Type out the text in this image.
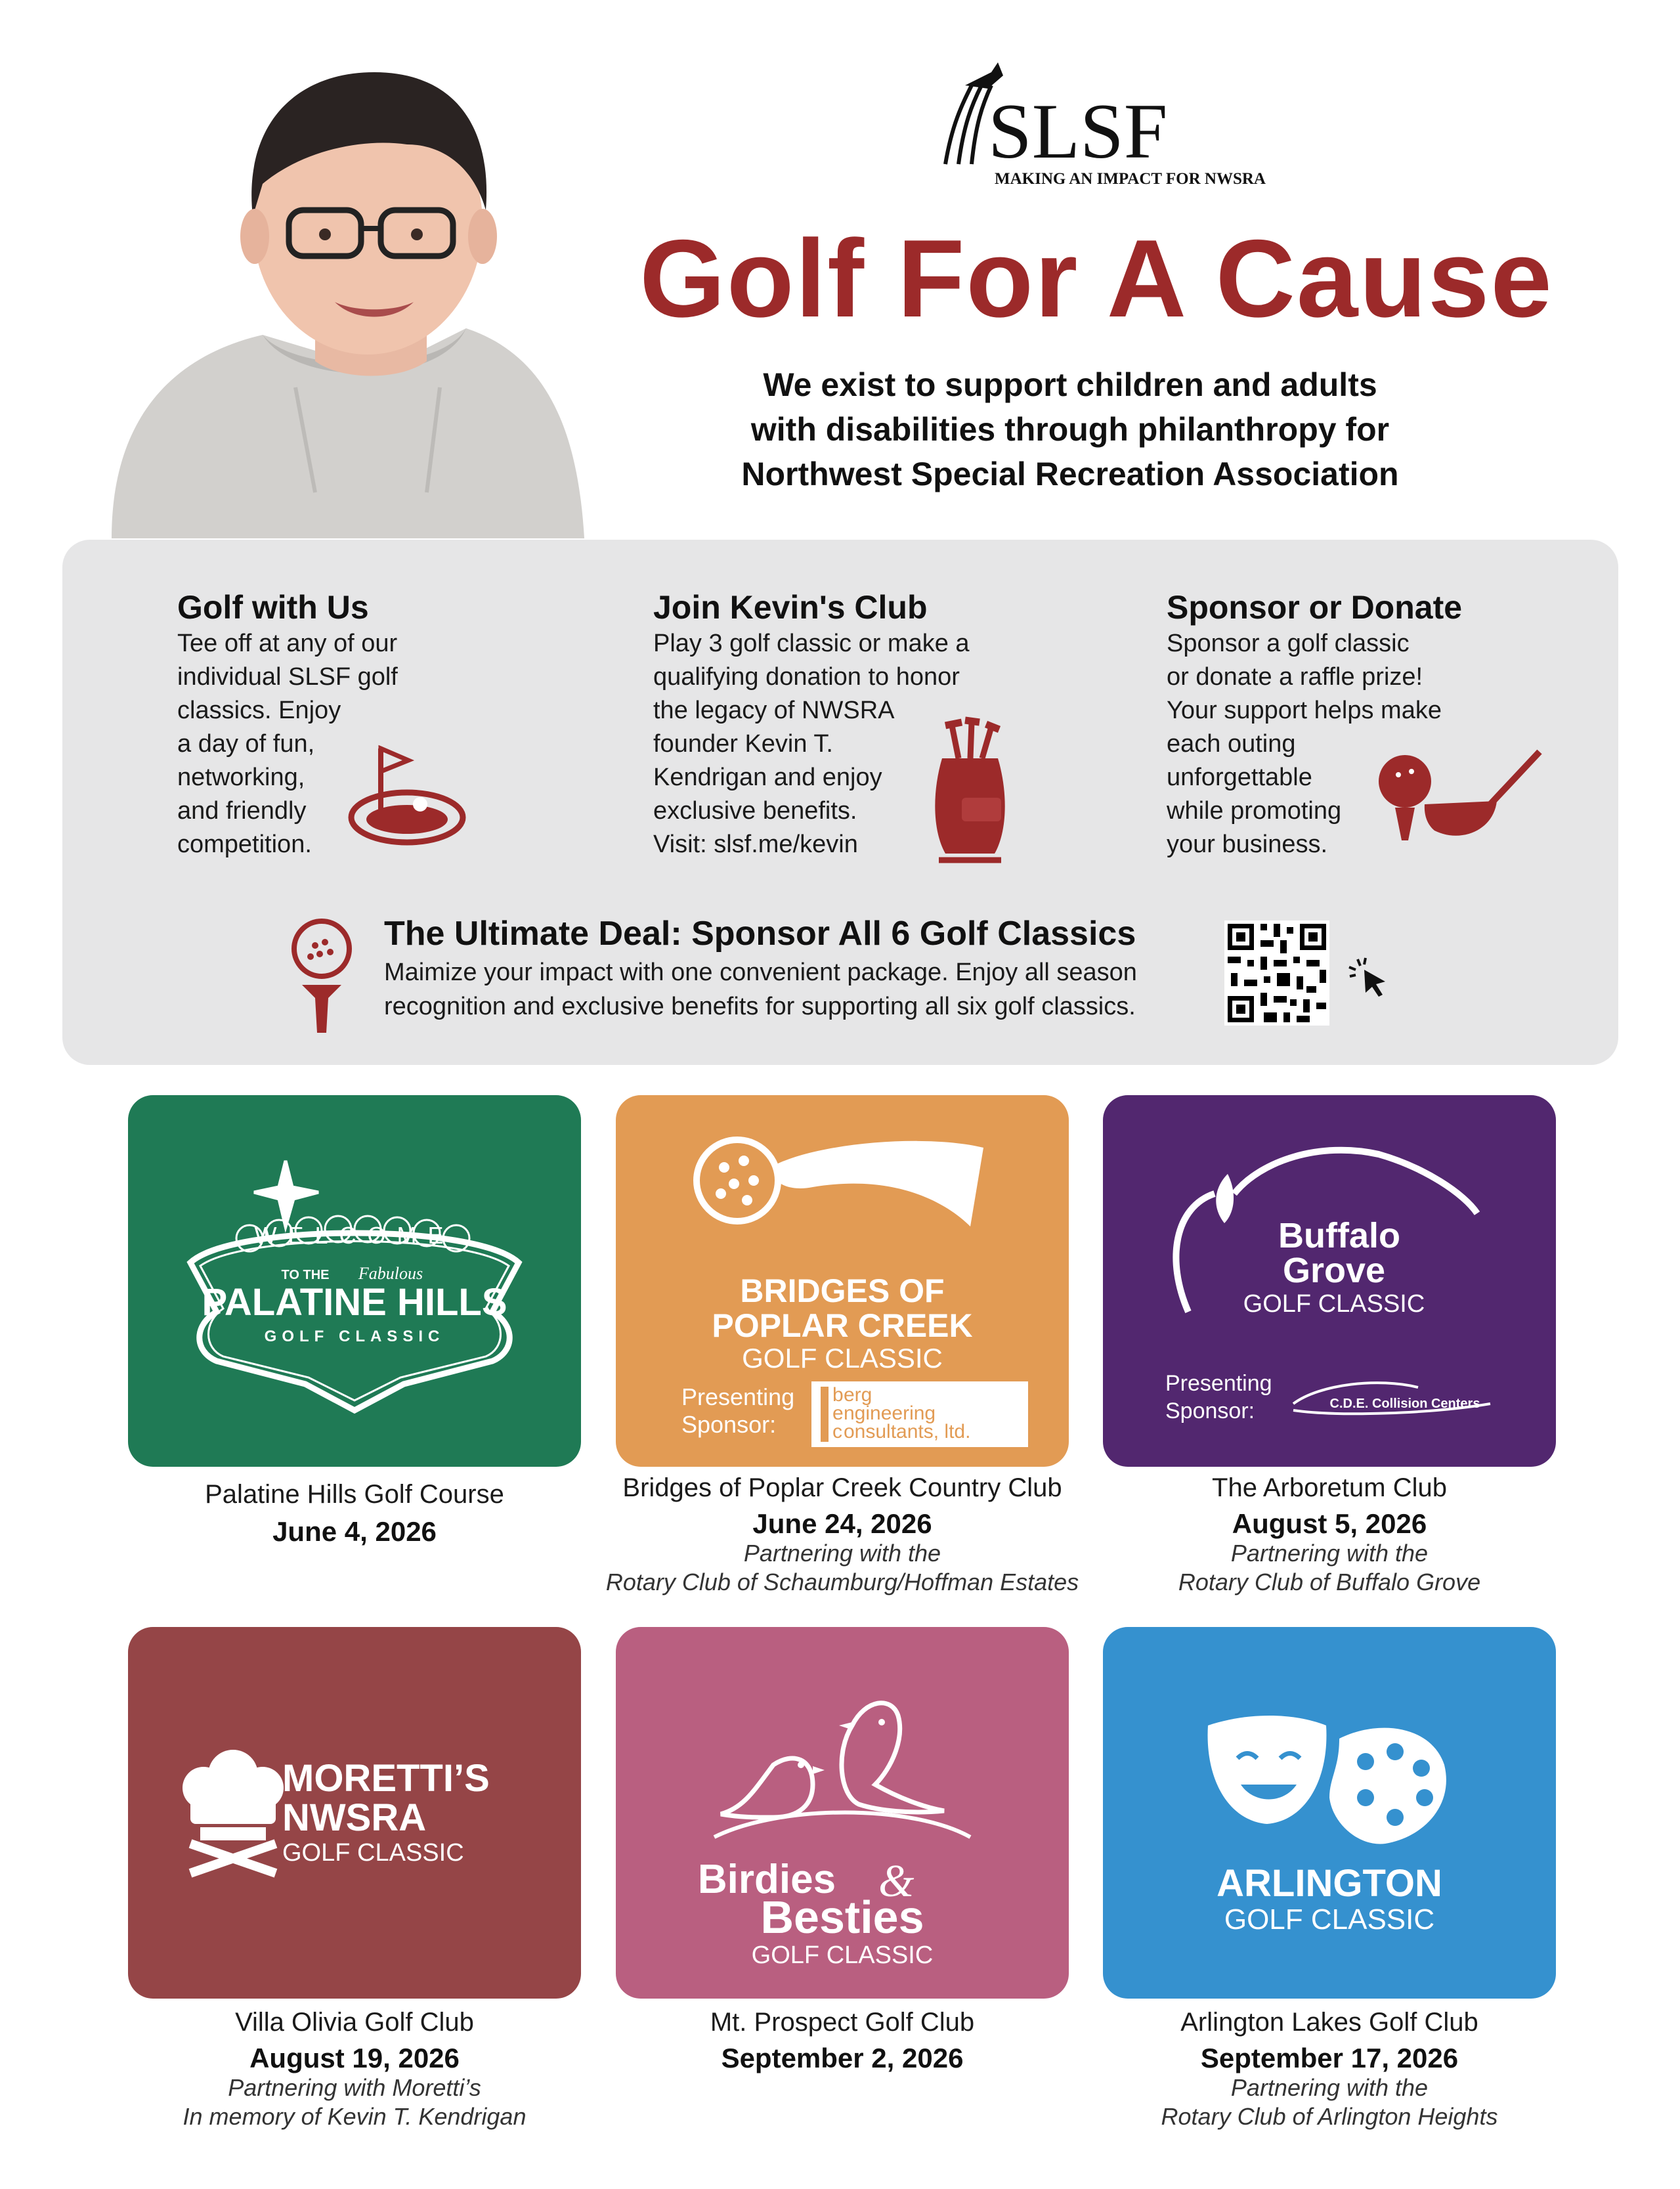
SLSF
MAKING AN IMPACT FOR NWSRA
Golf For A Cause
We exist to support children and adults
with disabilities through philanthropy for
Northwest Special Recreation Association
Golf with Us
Tee off at any of our
individual SLSF golf
classics. Enjoy
a day of fun,
networking,
and friendly
competition.
Join Kevin's Club
Play 3 golf classic or make a
qualifying donation to honor
the legacy of NWSRA
founder Kevin T.
Kendrigan and enjoy
exclusive benefits.
Visit: slsf.me/kevin
Sponsor or Donate
Sponsor a golf classic
or donate a raffle prize!
Your support helps make
each outing
unforgettable
while promoting
your business.
The Ultimate Deal: Sponsor All 6 Golf Classics
Maimize your impact with one convenient package. Enjoy all season
recognition and exclusive benefits for supporting all six golf classics.
WELCOME
TO THE Fabulous
PALATINE HILLS
GOLF CLASSIC
Palatine Hills Golf Course
June 4, 2026
BRIDGES OF
POPLAR CREEK
GOLF CLASSIC
Presenting
Sponsor:
b erg
e ngineering
c onsultants, ltd.
Bridges of Poplar Creek Country Club
June 24, 2026
Partnering with the
Rotary Club of Schaumburg/Hoffman Estates
Buffalo
Grove
GOLF CLASSIC
Presenting
Sponsor:	C.D.E. Collision Centers
The Arboretum Club
August 5, 2026
Partnering with the
Rotary Club of Buffalo Grove
MORETTI’S
NWSRA
GOLF CLASSIC
Villa Olivia Golf Club
August 19, 2026
Partnering with Moretti’s
In memory of Kevin T. Kendrigan
Birdies &
Besties
GOLF CLASSIC
Mt. Prospect Golf Club
September 2, 2026
ARLINGTON
GOLF CLASSIC
Arlington Lakes Golf Club
September 17, 2026
Partnering with the
Rotary Club of Arlington Heights
